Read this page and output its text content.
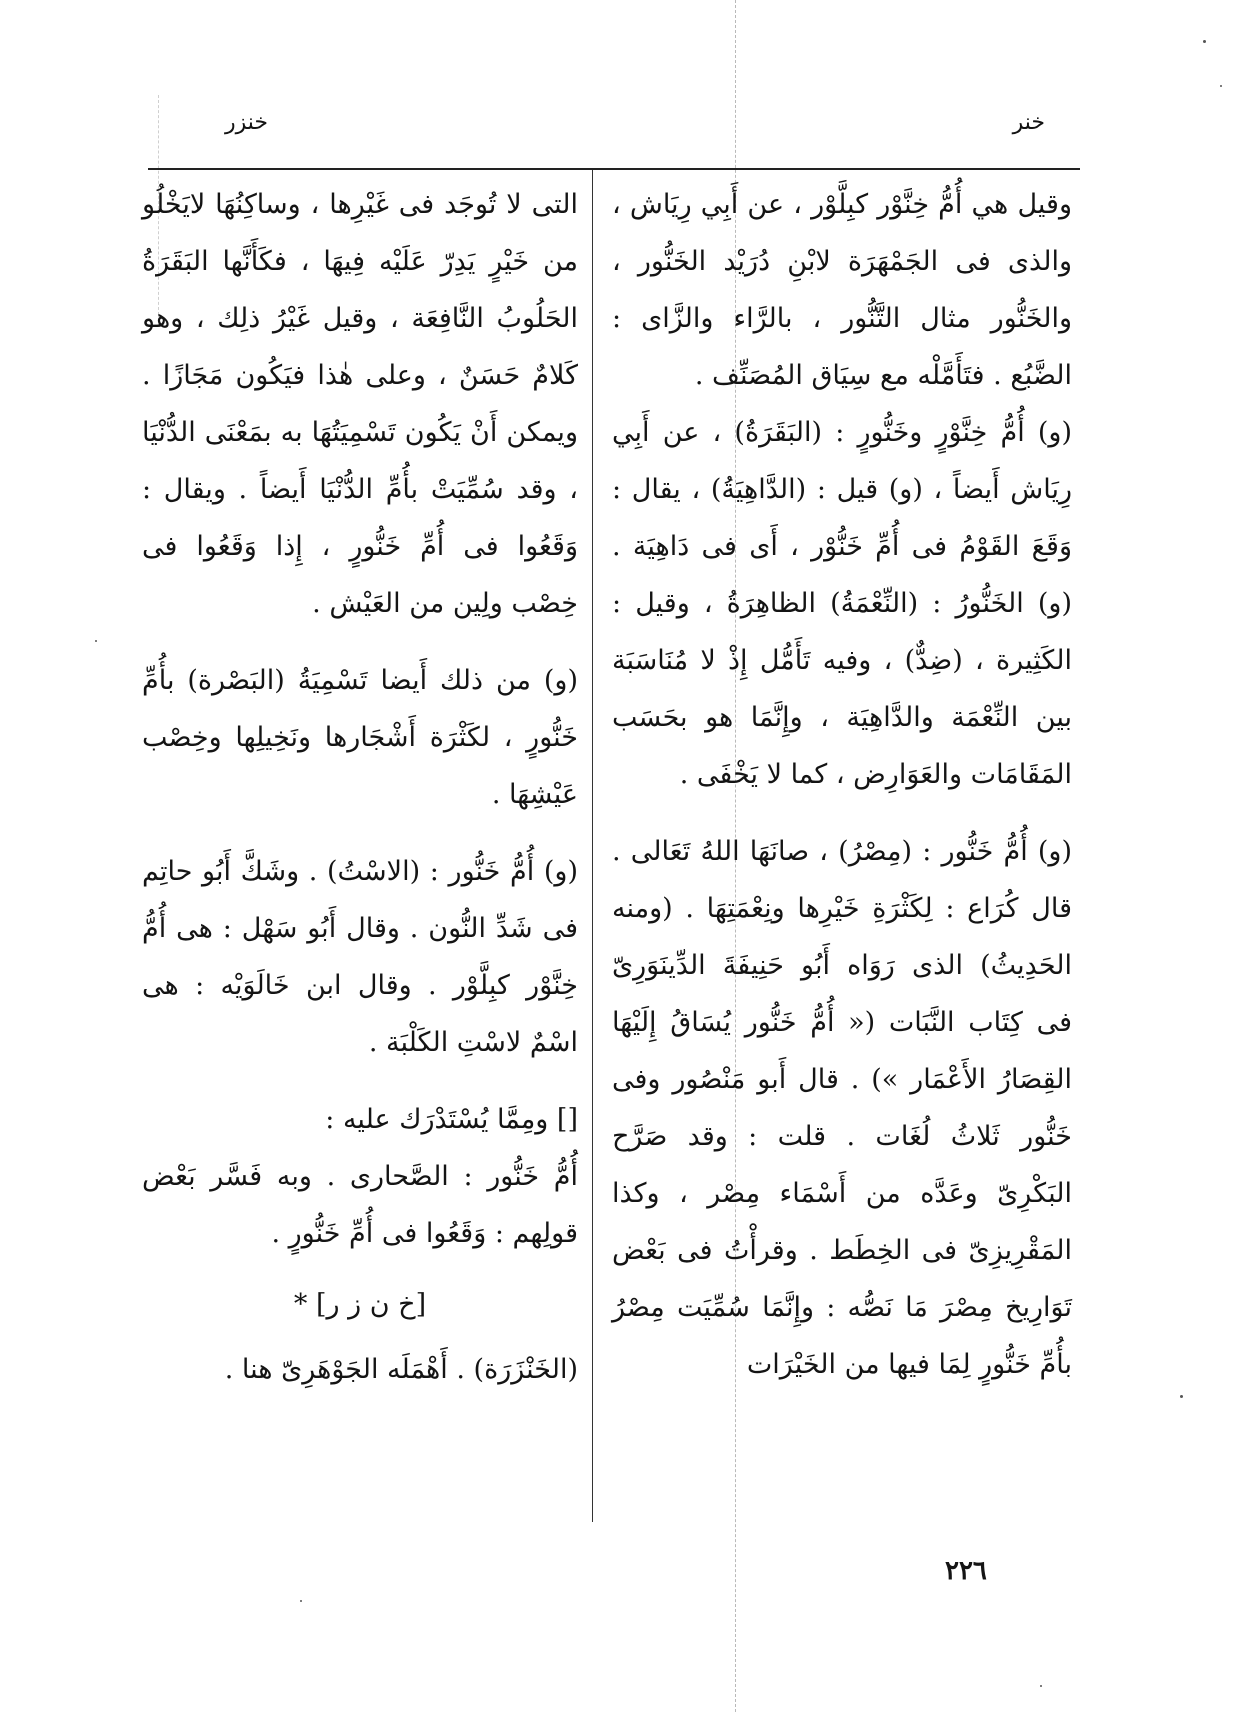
خنر
خنزر

وقيل هي أُمُّ خِنَّوْر كبِلَّوْر ، عن أَبِي رِيَاش ، والذى فى الجَمْهَرَة لابْنِ دُرَيْد الخَنُّور ، والخَنُّور مثال التَّنُّور ، بالرَّاء والزَّاى : الضَّبُع . فتَأَمَّلْه مع سِيَاق المُصَنِّف .

(و) أُمُّ خِنَّوْرٍ وخَنُّورٍ : (البَقَرَةُ) ، عن أَبِي رِيَاش أَيضاً ، (و) قيل : (الدَّاهِيَةُ) ، يقال : وَقَعَ القَوْمُ فى أُمِّ خَنُّوْر ، أَى فى دَاهِيَة . (و) الخَنُّورُ : (النِّعْمَةُ) الظاهِرَةُ ، وقيل : الكَثِيرة ، (ضِدٌّ) ، وفيه تَأَمُّل إِذْ لا مُنَاسَبَة بين النِّعْمَة والدَّاهِيَة ، وإِنَّمَا هو بحَسَب المَقَامَات والعَوَارِض ، كما لا يَخْفَى .

(و) أُمُّ خَنُّور : (مِصْرُ) ، صانَهَا اللهُ تَعَالى . قال كُرَاع : لِكَثْرَةِ خَيْرِها ونِعْمَتِهَا . (ومنه الحَدِيثُ) الذى رَوَاه أَبُو حَنِيفَةَ الدِّينَوَرِىّ فى كِتَاب النَّبَات (« أُمُّ خَنُّور يُسَاقُ إِلَيْهَا القِصَارُ الأَعْمَار ») . قال أَبو مَنْصُور وفى خَنُّور ثَلاثُ لُغَات . قلت : وقد صَرَّح البَكْرِىّ وعَدَّه من أَسْمَاء مِصْر ، وكذا المَقْرِيزِىّ فى الخِطَط . وقرأْتُ فى بَعْض تَوَارِيخ مِصْرَ مَا نَصُّه : وإِنَّمَا سُمِّيَت مِصْرُ بأُمِّ خَنُّورٍ لِمَا فيها من الخَيْرَات

التى لا تُوجَد فى غَيْرِها ، وساكِنُهَا لايَخْلُو من خَيْرٍ يَدِرّ عَلَيْه فِيهَا ، فكَأَنَّها البَقَرَةُ الحَلُوبُ النَّافِعَة ، وقيل غَيْرُ ذلِك ، وهو كَلامٌ حَسَنٌ ، وعلى هٰذا فيَكُون مَجَازًا . ويمكن أَنْ يَكُون تَسْمِيَتُهَا به بمَعْنَى الدُّنْيَا ، وقد سُمِّيَتْ بأُمِّ الدُّنْيَا أَيضاً . ويقال : وَقَعُوا فى أُمِّ خَنُّورٍ ، إِذا وَقَعُوا فى خِصْب ولِين من العَيْش .

(و) من ذلك أَيضا تَسْمِيَةُ (البَصْرة) بأُمِّ خَنُّورٍ ، لكَثْرَة أَشْجَارها ونَخِيلِها وخِصْب عَيْشِهَا .

(و) أُمُّ خَنُّور : (الاسْتُ) . وشَكَّ أَبُو حاتِم فى شَدِّ النُّون . وقال أَبُو سَهْل : هى أُمُّ خِنَّوْر كبِلَّوْر . وقال ابن خَالَوَيْه : هى اسْمٌ لاسْتِ الكَلْبَة .

[] ومِمَّا يُسْتَدْرَك عليه :

أُمُّ خَنُّور : الصَّحارى . وبه فَسَّر بَعْض قولِهم : وَقَعُوا فى أُمِّ خَنُّورٍ .

[خ ن ز ر] *

(الخَنْزَرَة) . أَهْمَلَه الجَوْهَرِىّ هنا .

٢٢٦
